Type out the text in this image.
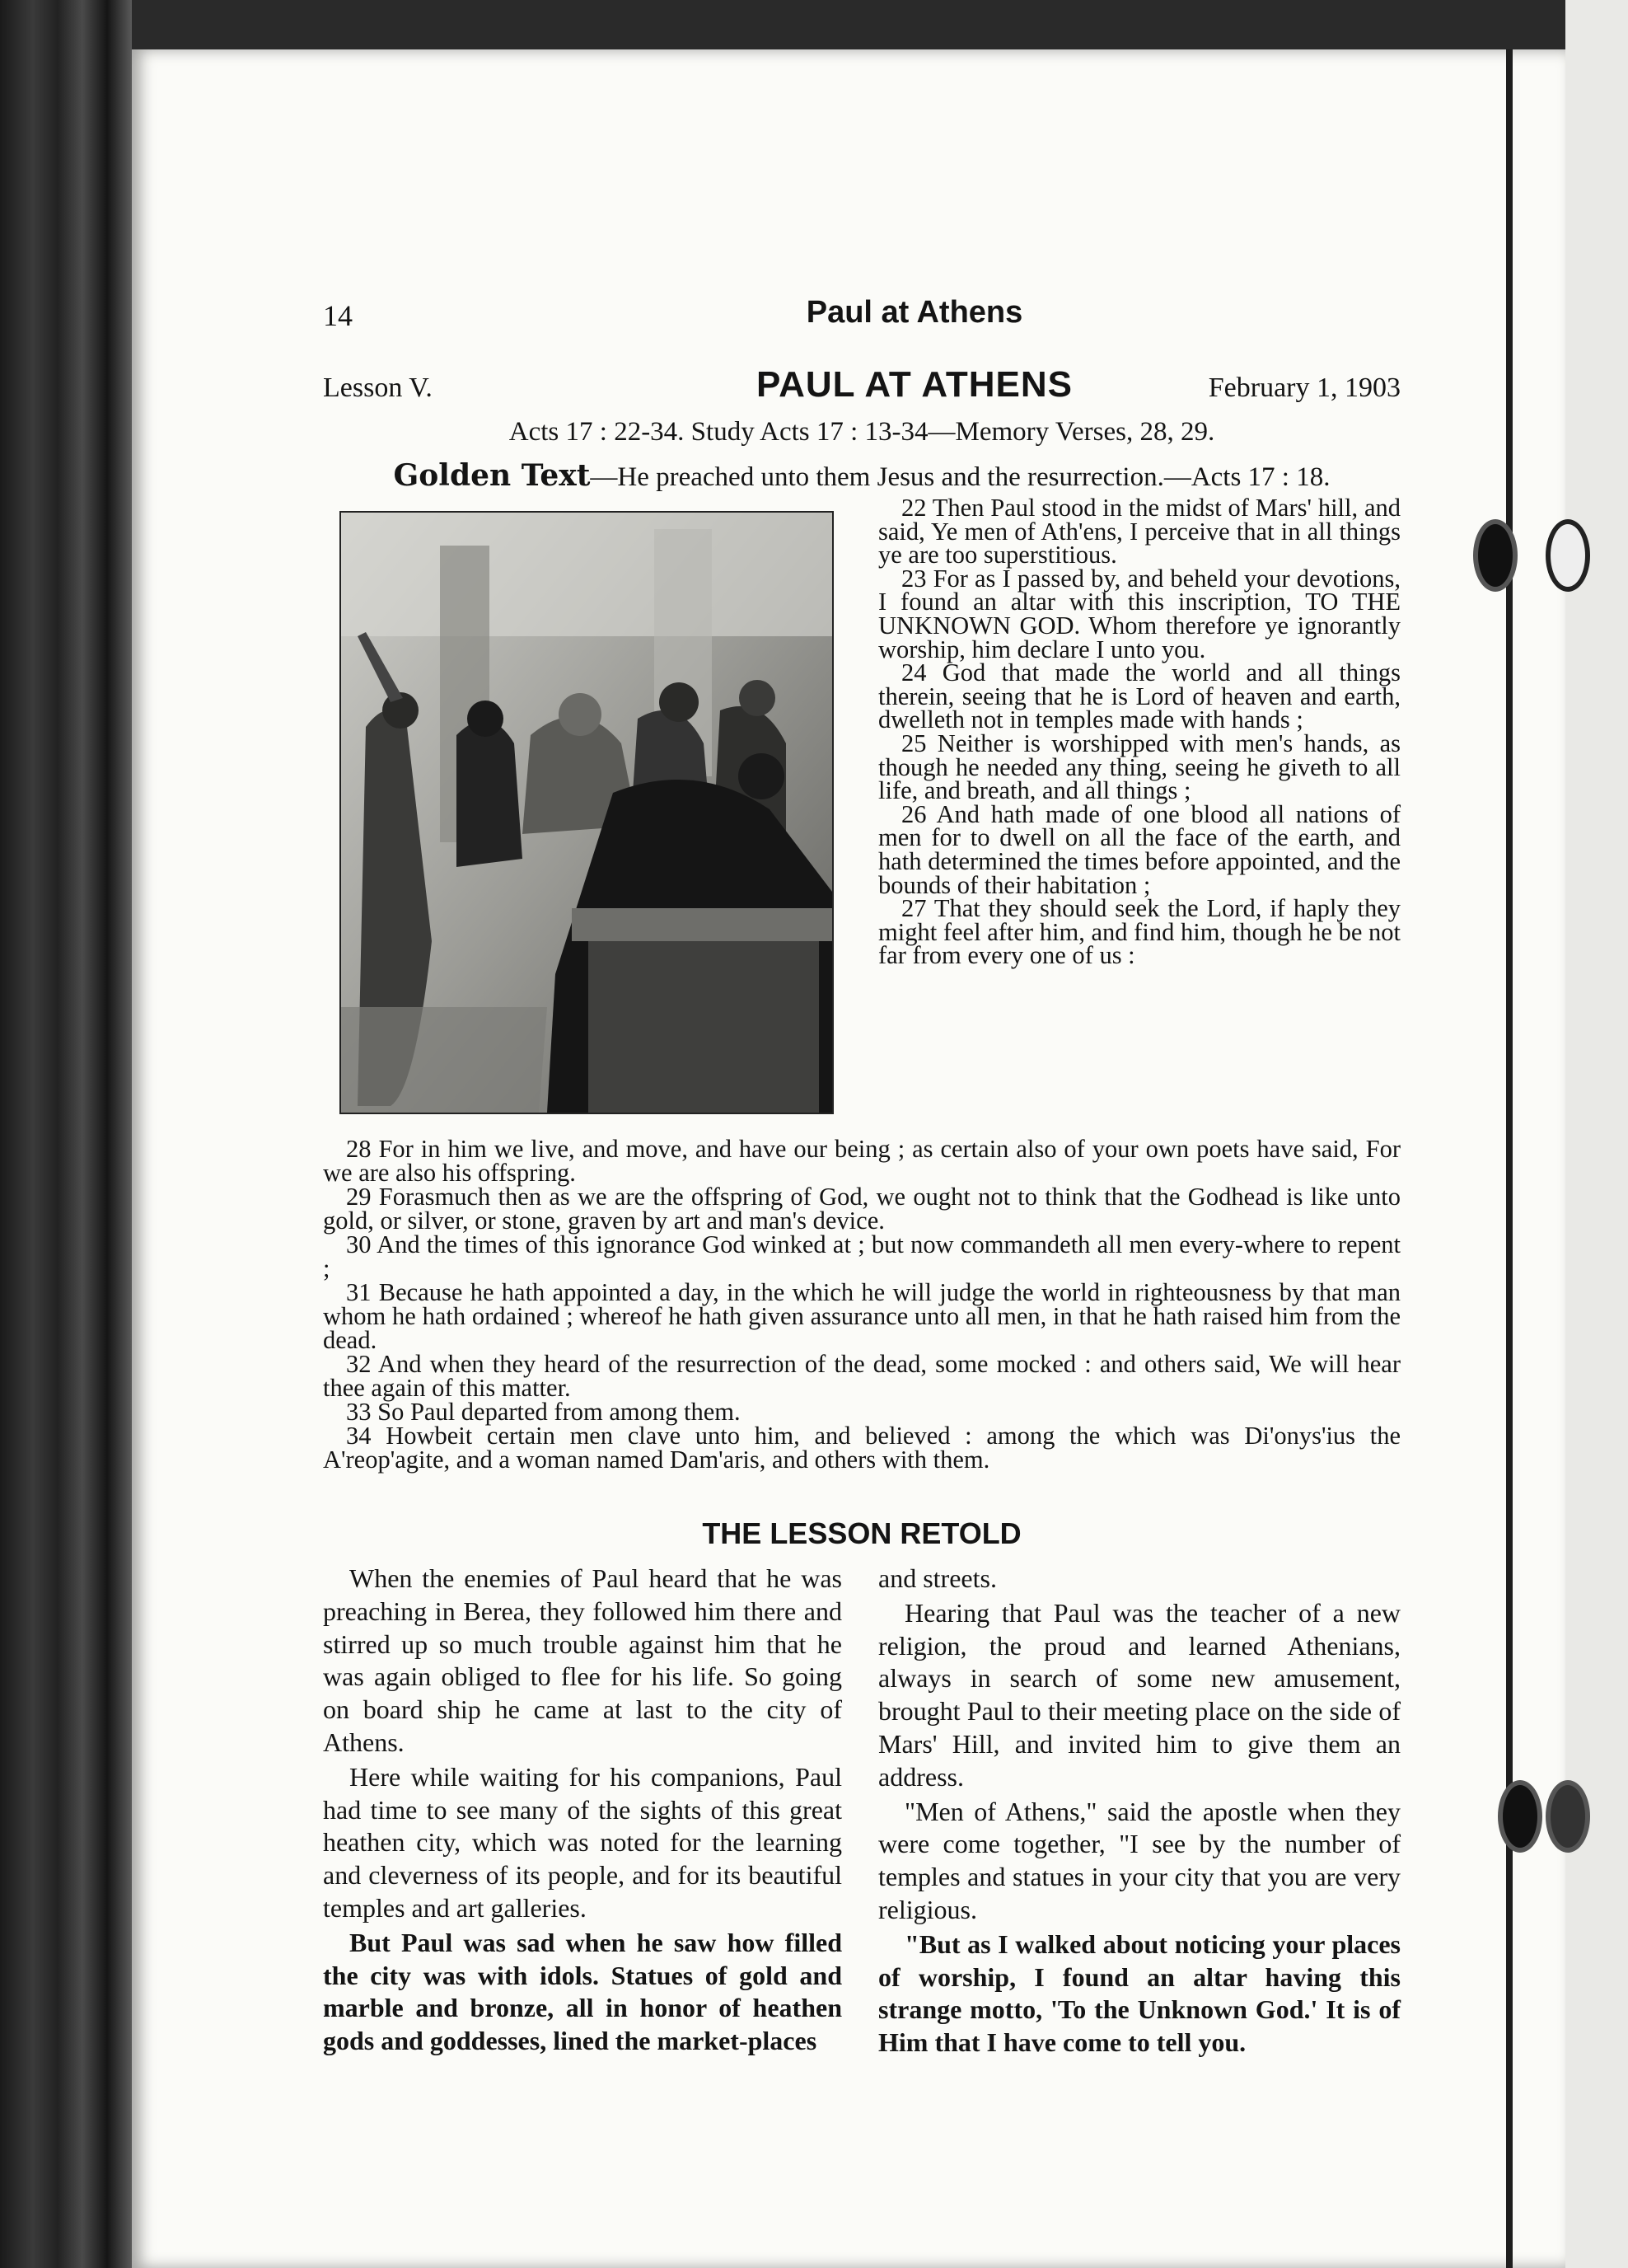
14	Paul at Athens
Lesson V.	PAUL AT ATHENS	February 1, 1903
Acts 17 : 22-34. Study Acts 17 : 13-34—Memory Verses, 28, 29.
Golden Text—He preached unto them Jesus and the resurrection.—Acts 17 : 18.

22 Then Paul stood in the midst of Mars' hill, and said, Ye men of Ath'ens, I perceive that in all things ye are too superstitious.

23 For as I passed by, and beheld your devotions, I found an altar with this inscription, TO THE UNKNOWN GOD. Whom therefore ye ignorantly worship, him declare I unto you.

24 God that made the world and all things therein, seeing that he is Lord of heaven and earth, dwelleth not in temples made with hands ;

25 Neither is worshipped with men's hands, as though he needed any thing, seeing he giveth to all life, and breath, and all things ;

26 And hath made of one blood all nations of men for to dwell on all the face of the earth, and hath determined the times before appointed, and the bounds of their habitation ;

27 That they should seek the Lord, if haply they might feel after him, and find him, though he be not far from every one of us :

28 For in him we live, and move, and have our being ; as certain also of your own poets have said, For we are also his offspring.

29 Forasmuch then as we are the offspring of God, we ought not to think that the Godhead is like unto gold, or silver, or stone, graven by art and man's device.

30 And the times of this ignorance God winked at ; but now commandeth all men every-where to repent ;

31 Because he hath appointed a day, in the which he will judge the world in righteousness by that man whom he hath ordained ; whereof he hath given assurance unto all men, in that he hath raised him from the dead.

32 And when they heard of the resurrection of the dead, some mocked : and others said, We will hear thee again of this matter.

33 So Paul departed from among them.

34 Howbeit certain men clave unto him, and believed : among the which was Di'onys'ius the A'reop'agite, and a woman named Dam'aris, and others with them.

THE LESSON RETOLD

When the enemies of Paul heard that he was preaching in Berea, they followed him there and stirred up so much trouble against him that he was again obliged to flee for his life. So going on board ship he came at last to the city of Athens.

Here while waiting for his companions, Paul had time to see many of the sights of this great heathen city, which was noted for the learning and cleverness of its people, and for its beautiful temples and art galleries.

But Paul was sad when he saw how filled the city was with idols. Statues of gold and marble and bronze, all in honor of heathen gods and goddesses, lined the market-places

and streets.

Hearing that Paul was the teacher of a new religion, the proud and learned Athenians, always in search of some new amusement, brought Paul to their meeting place on the side of Mars' Hill, and invited him to give them an address.

"Men of Athens," said the apostle when they were come together, "I see by the number of temples and statues in your city that you are very religious.

"But as I walked about noticing your places of worship, I found an altar having this strange motto, 'To the Unknown God.' It is of Him that I have come to tell you.
